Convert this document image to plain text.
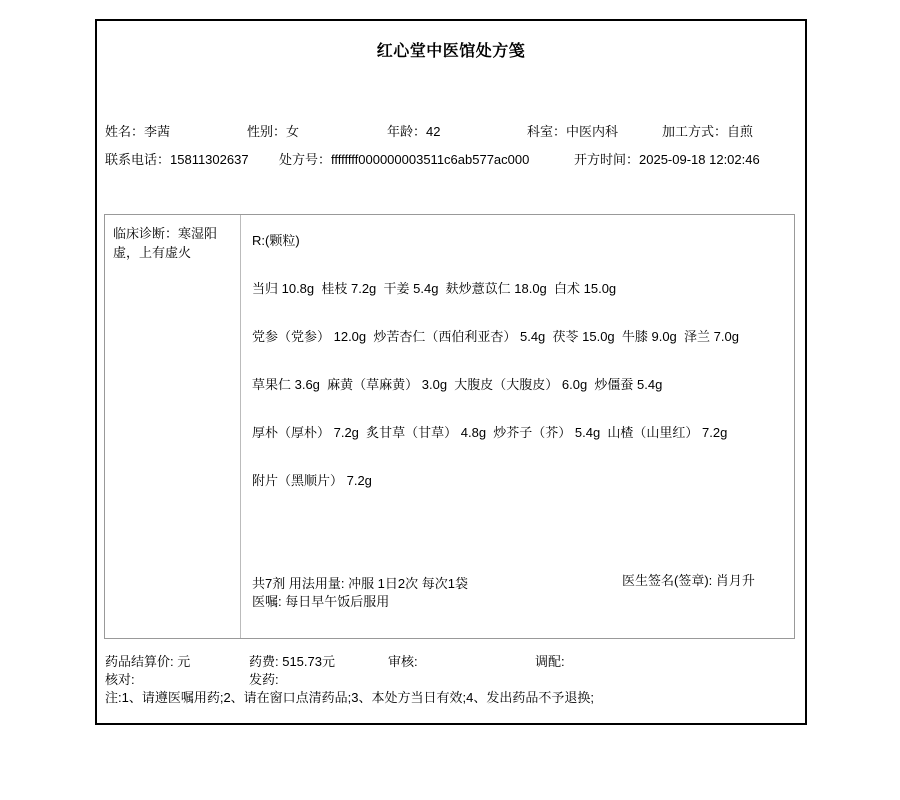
红心堂中医馆处方笺
姓名：李茜	性别：女	年龄：42	科室：中医内科	加工方式：自煎
联系电话：15811302637 处方号：ffffffff000000003511c6ab577ac000	开方时间：2025-09-18 12:02:46
临床诊断：寒湿阳虚，上有虚火
R:(颗粒)
当归 10.8g  桂枝 7.2g  干姜 5.4g  麸炒薏苡仁 18.0g  白术 15.0g
党参（党参） 12.0g  炒苦杏仁（西伯利亚杏） 5.4g  茯苓 15.0g  牛膝 9.0g  泽兰 7.0g
草果仁 3.6g  麻黄（草麻黄） 3.0g  大腹皮（大腹皮） 6.0g  炒僵蚕 5.4g
厚朴（厚朴） 7.2g  炙甘草（甘草） 4.8g  炒芥子（芥） 5.4g  山楂（山里红） 7.2g
附片（黑顺片） 7.2g
共7剂 用法用量: 冲服 1日2次 每次1袋
医嘱: 每日早午饭后服用
医生签名(签章): 肖月升
药品结算价: 元	药费: 515.73元	审核:	调配:
核对:	发药:
注:1、请遵医嘱用药;2、请在窗口点清药品;3、本处方当日有效;4、发出药品不予退换;
